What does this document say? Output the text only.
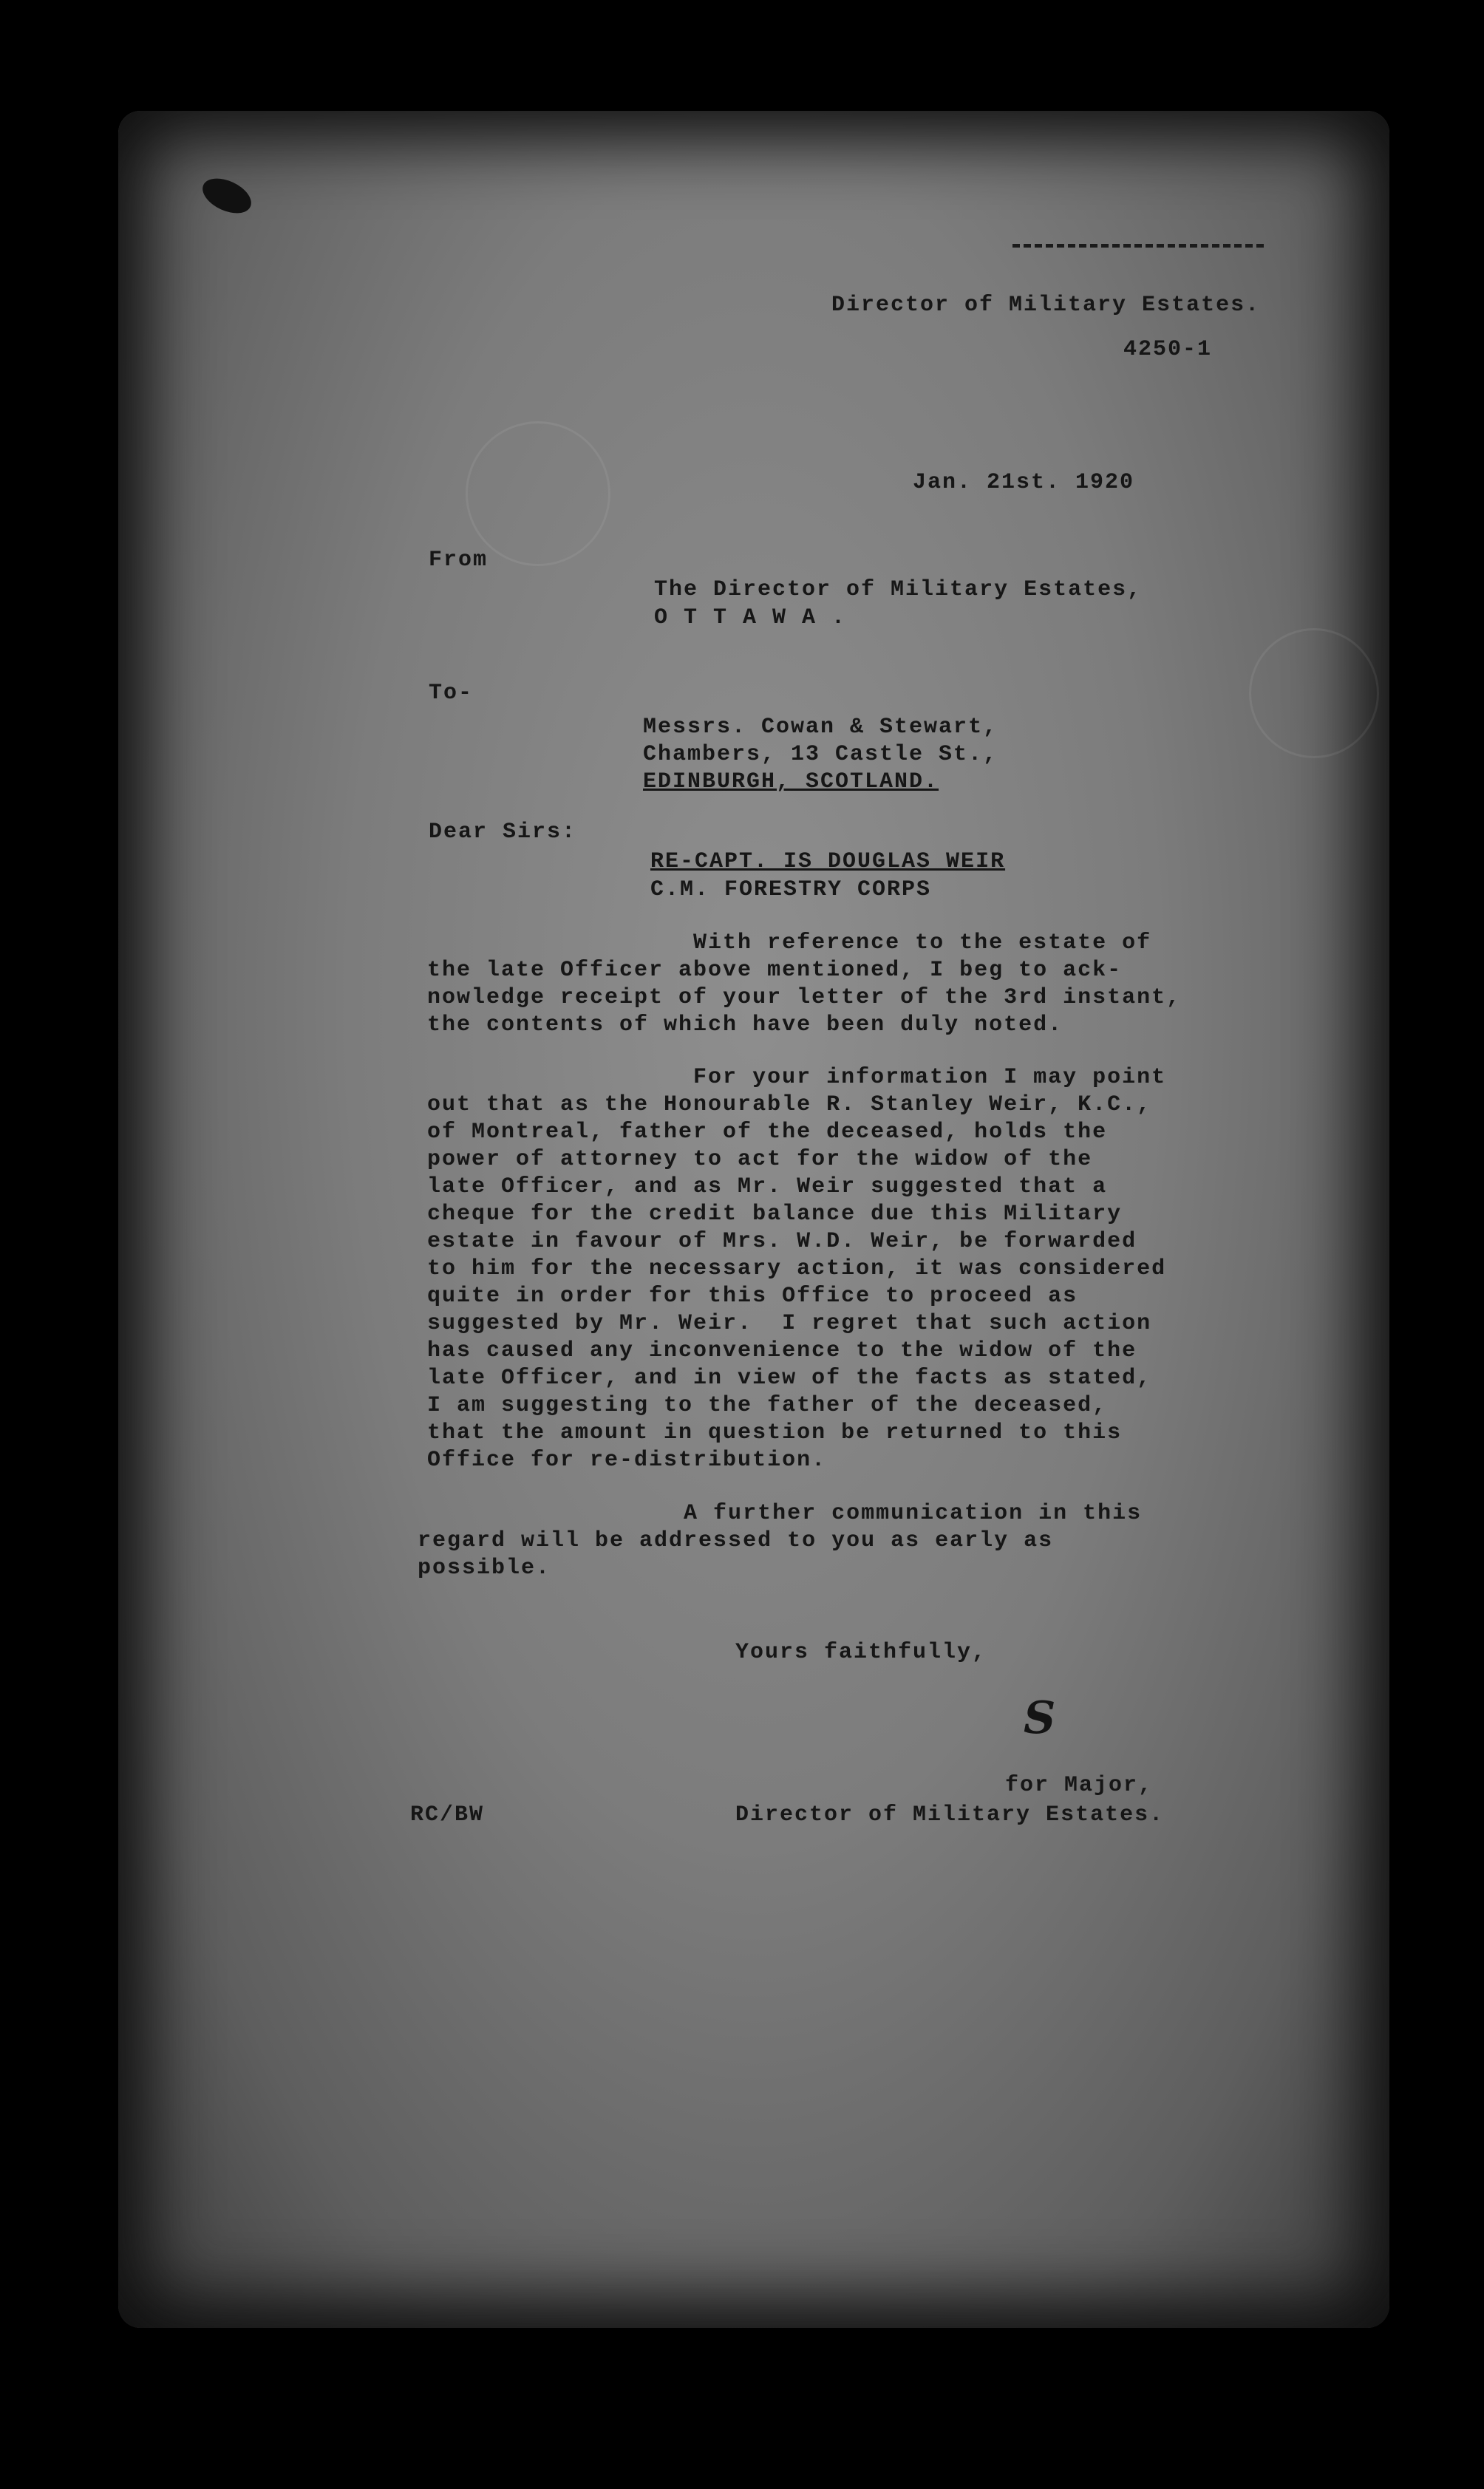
Director of Military Estates.
4250-1
Jan. 21st. 1920
From
The Director of Military Estates,
O T T A W A .
To-
Messrs. Cowan & Stewart,
Chambers, 13 Castle St.,
EDINBURGH, SCOTLAND.
Dear Sirs:
RE-CAPT. IS DOUGLAS WEIR
C.M. FORESTRY CORPS
With reference to the estate of
the late Officer above mentioned, I beg to ack-
nowledge receipt of your letter of the 3rd instant,
the contents of which have been duly noted.
For your information I may point
out that as the Honourable R. Stanley Weir, K.C.,
of Montreal, father of the deceased, holds the
power of attorney to act for the widow of the
late Officer, and as Mr. Weir suggested that a
cheque for the credit balance due this Military
estate in favour of Mrs. W.D. Weir, be forwarded
to him for the necessary action, it was considered
quite in order for this Office to proceed as
suggested by Mr. Weir.  I regret that such action
has caused any inconvenience to the widow of the
late Officer, and in view of the facts as stated,
I am suggesting to the father of the deceased,
that the amount in question be returned to this
Office for re-distribution.
A further communication in this
regard will be addressed to you as early as
possible.
Yours faithfully,
S
for Major,
Director of Military Estates.
RC/BW
